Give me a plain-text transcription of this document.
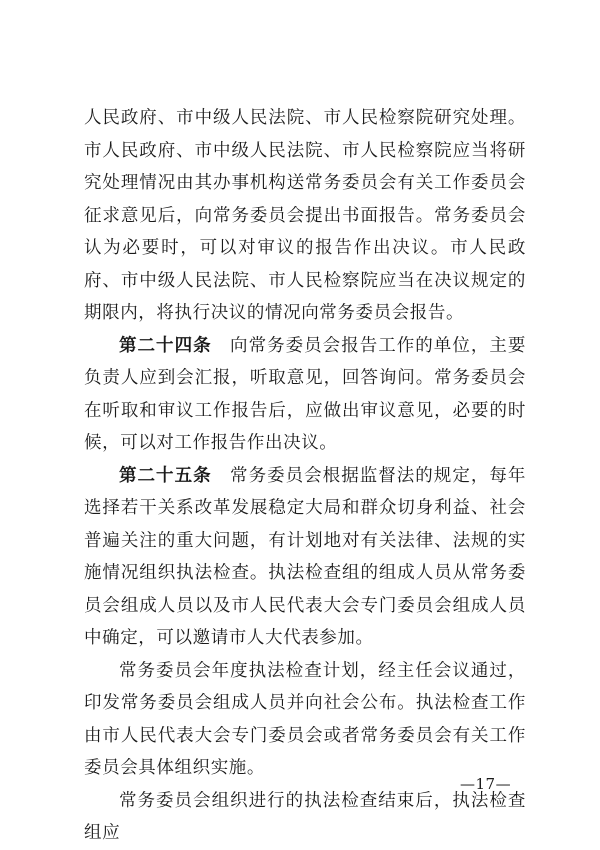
人民政府、市中级人民法院、市人民检察院研究处理。市人民政府、市中级人民法院、市人民检察院应当将研究处理情况由其办事机构送常务委员会有关工作委员会征求意见后，向常务委员会提出书面报告。常务委员会认为必要时，可以对审议的报告作出决议。市人民政府、市中级人民法院、市人民检察院应当在决议规定的期限内，将执行决议的情况向常务委员会报告。

第二十四条 向常务委员会报告工作的单位，主要负责人应到会汇报，听取意见，回答询问。常务委员会在听取和审议工作报告后，应做出审议意见，必要的时候，可以对工作报告作出决议。

第二十五条 常务委员会根据监督法的规定，每年选择若干关系改革发展稳定大局和群众切身利益、社会普遍关注的重大问题，有计划地对有关法律、法规的实施情况组织执法检查。执法检查组的组成人员从常务委员会组成人员以及市人民代表大会专门委员会组成人员中确定，可以邀请市人大代表参加。

常务委员会年度执法检查计划，经主任会议通过，印发常务委员会组成人员并向社会公布。执法检查工作由市人民代表大会专门委员会或者常务委员会有关工作委员会具体组织实施。

常务委员会组织进行的执法检查结束后，执法检查组应

—17—
